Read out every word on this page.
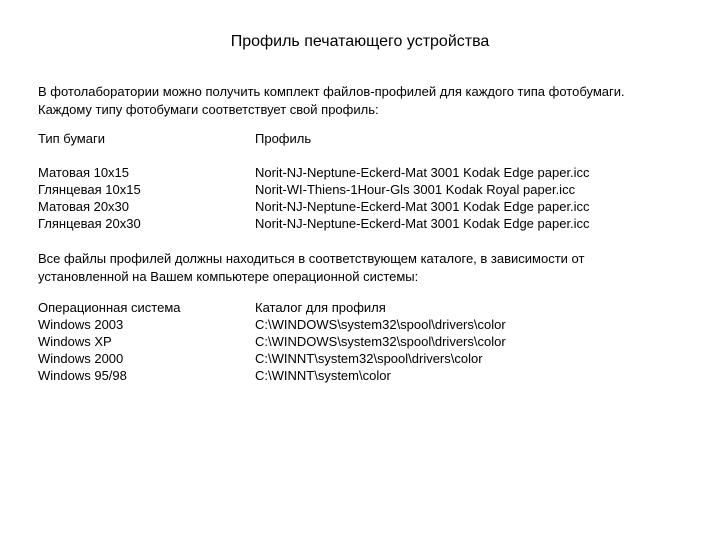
Профиль печатающего устройства
В фотолаборатории можно получить комплект файлов-профилей для каждого типа фотобумаги.
Каждому типу фотобумаги соответствует свой профиль:
Тип бумаги	Профиль
Матовая 10x15	Norit-NJ-Neptune-Eckerd-Mat 3001 Kodak Edge paper.icc
Глянцевая 10x15	Norit-WI-Thiens-1Hour-Gls 3001 Kodak Royal paper.icc
Матовая 20x30	Norit-NJ-Neptune-Eckerd-Mat 3001 Kodak Edge paper.icc
Глянцевая 20x30	Norit-NJ-Neptune-Eckerd-Mat 3001 Kodak Edge paper.icc
Все файлы профилей должны находиться в соответствующем каталоге, в зависимости от
установленной на Вашем компьютере операционной системы:
Операционная система	Каталог для профиля
Windows 2003	C:\WINDOWS\system32\spool\drivers\color
Windows XP	C:\WINDOWS\system32\spool\drivers\color
Windows 2000	C:\WINNT\system32\spool\drivers\color
Windows 95/98	C:\WINNT\system\color
